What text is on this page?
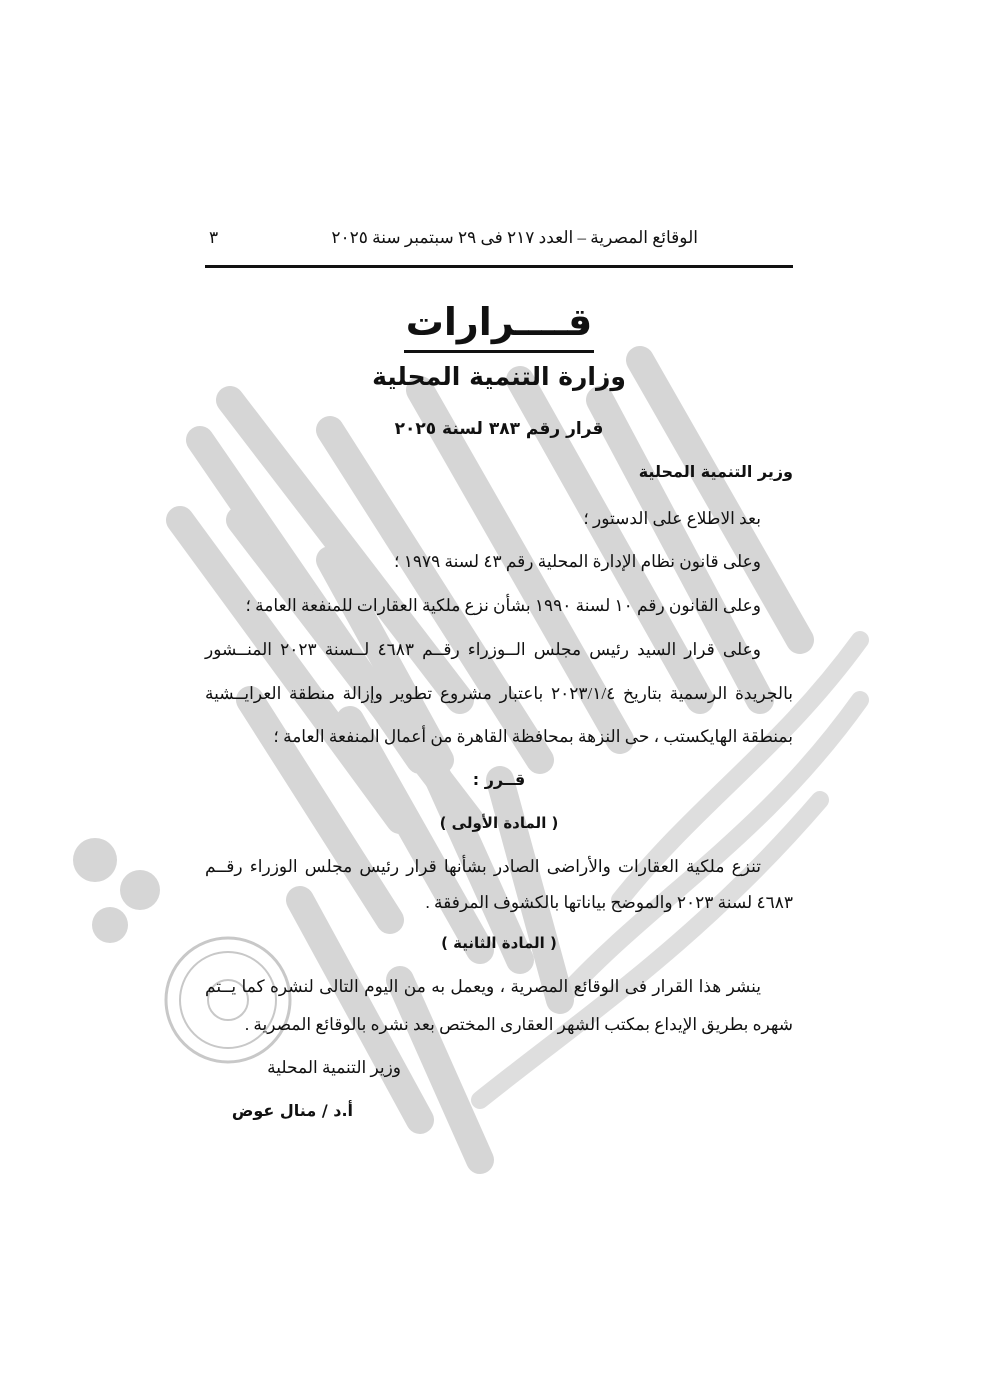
الوقائع المصرية – العدد ٢١٧ فى ٢٩ سبتمبر سنة ٢٠٢٥
٣
قــــرارات
وزارة التنمية المحلية
قرار رقم ٣٨٣ لسنة ٢٠٢٥
وزير التنمية المحلية
بعد الاطلاع على الدستور ؛
وعلى قانون نظام الإدارة المحلية رقم ٤٣ لسنة ١٩٧٩ ؛
وعلى القانون رقم ١٠ لسنة ١٩٩٠ بشأن نزع ملكية العقارات للمنفعة العامة ؛
وعلى قرار السيد رئيس مجلس الــوزراء رقــم ٤٦٨٣ لــسنة ٢٠٢٣ المنــشور
بالجريدة الرسمية بتاريخ ٢٠٢٣/١/٤ باعتبار مشروع تطوير وإزالة منطقة العرايــشية
بمنطقة الهايكستب ، حى النزهة بمحافظة القاهرة من أعمال المنفعة العامة ؛
قــرر :
( المادة الأولى )
تنزع ملكية العقارات والأراضى الصادر بشأنها قرار رئيس مجلس الوزراء رقــم
٤٦٨٣ لسنة ٢٠٢٣ والموضح بياناتها بالكشوف المرفقة .
( المادة الثانية )
ينشر هذا القرار فى الوقائع المصرية ، ويعمل به من اليوم التالى لنشره كما يــتم
شهره بطريق الإيداع بمكتب الشهر العقارى المختص بعد نشره بالوقائع المصرية .
وزير التنمية المحلية
أ.د / منال عوض
